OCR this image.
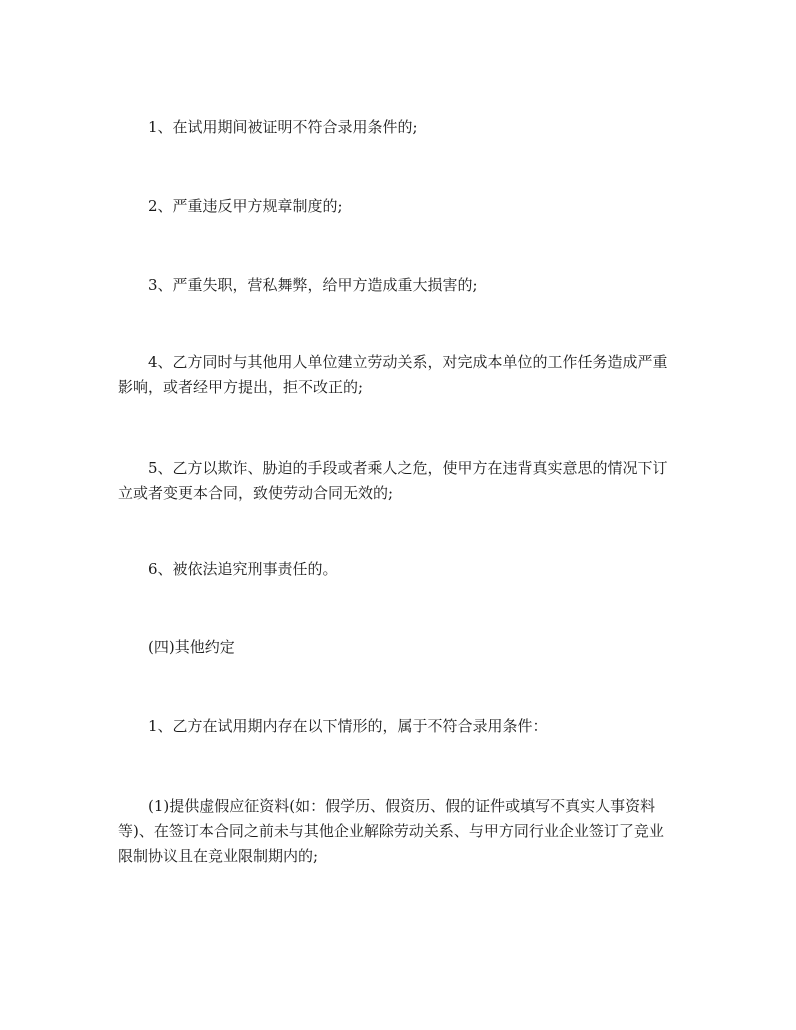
1、在试用期间被证明不符合录用条件的;

2、严重违反甲方规章制度的;

3、严重失职，营私舞弊，给甲方造成重大损害的;

4、乙方同时与其他用人单位建立劳动关系，对完成本单位的工作任务造成严重影响，或者经甲方提出，拒不改正的;

5、乙方以欺诈、胁迫的手段或者乘人之危，使甲方在违背真实意思的情况下订立或者变更本合同，致使劳动合同无效的;

6、被依法追究刑事责任的。

(四)其他约定

1、乙方在试用期内存在以下情形的，属于不符合录用条件：

(1)提供虚假应征资料(如：假学历、假资历、假的证件或填写不真实人事资料等)、在签订本合同之前未与其他企业解除劳动关系、与甲方同行业企业签订了竞业限制协议且在竞业限制期内的;
